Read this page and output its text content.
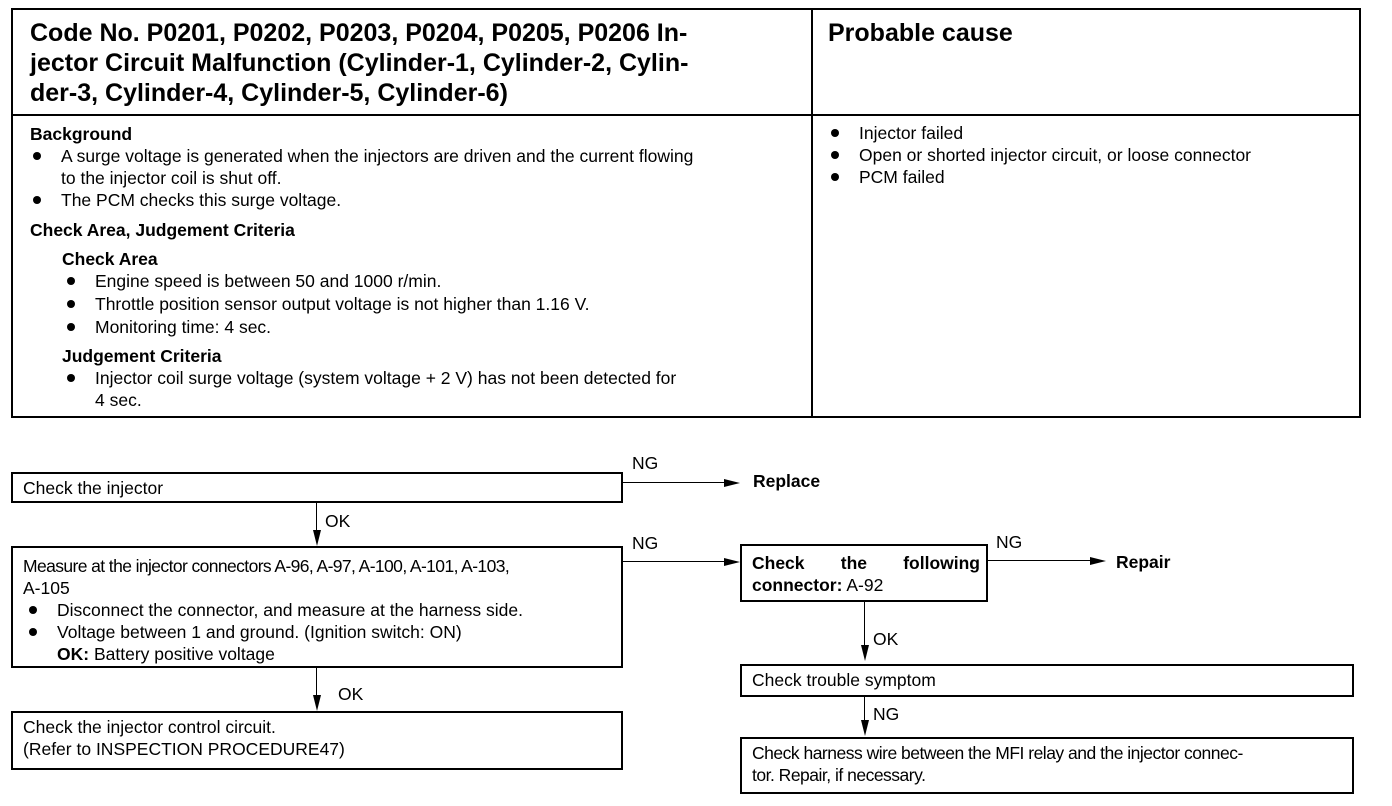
Code No. P0201, P0202, P0203, P0204, P0205, P0206 In-
jector Circuit Malfunction (Cylinder-1, Cylinder-2, Cylin-
der-3, Cylinder-4, Cylinder-5, Cylinder-6)
Probable cause
Background
A surge voltage is generated when the injectors are driven and the current flowing
to the injector coil is shut off.
The PCM checks this surge voltage.
Check Area, Judgement Criteria
Check Area
Engine speed is between 50 and 1000 r/min.
Throttle position sensor output voltage is not higher than 1.16 V.
Monitoring time: 4 sec.
Judgement Criteria
Injector coil surge voltage (system voltage + 2 V) has not been detected for
4 sec.
Injector failed
Open or shorted injector circuit, or loose connector
PCM failed
Check the injector
NG
Replace
OK
Measure at the injector connectors A-96, A-97, A-100, A-101, A-103,
A-105
Disconnect the connector, and measure at the harness side.
Voltage between 1 and ground. (Ignition switch: ON)
OK: Battery positive voltage
NG
OK
Check the injector control circuit.
(Refer to INSPECTION PROCEDURE47)
Check the following
connector: A-92
NG
Repair
OK
Check trouble symptom
NG
Check harness wire between the MFI relay and the injector connec-
tor. Repair, if necessary.
